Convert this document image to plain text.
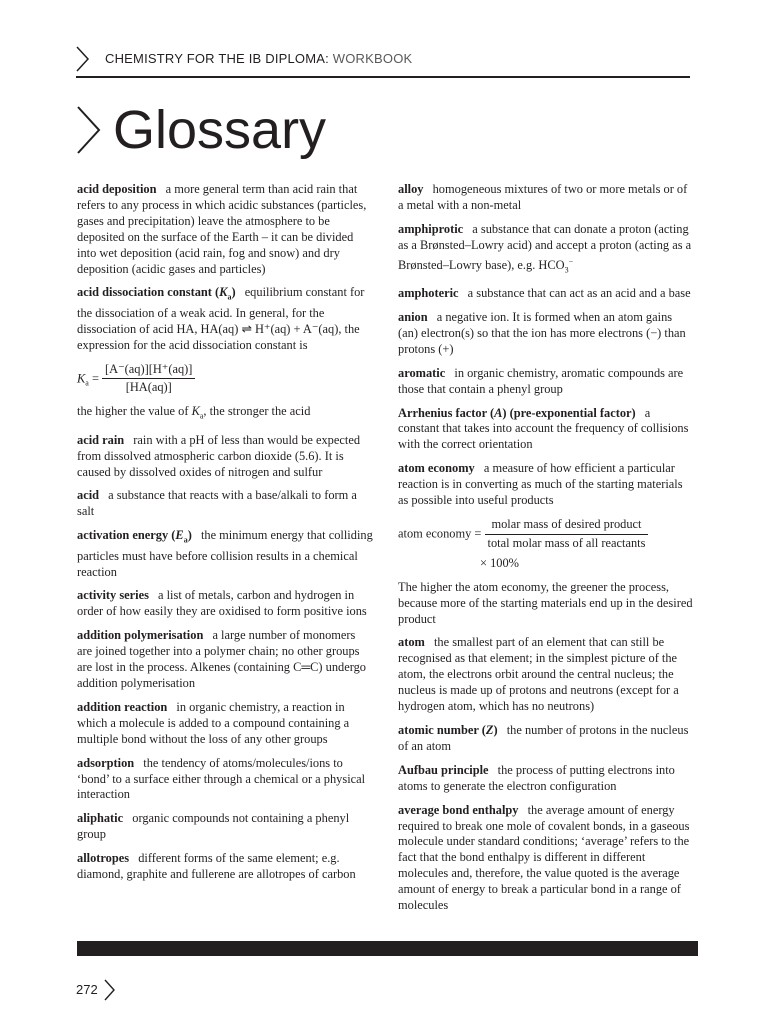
CHEMISTRY FOR THE IB DIPLOMA: WORKBOOK
Glossary
acid deposition a more general term than acid rain that refers to any process in which acidic substances (particles, gases and precipitation) leave the atmosphere to be deposited on the surface of the Earth – it can be divided into wet deposition (acid rain, fog and snow) and dry deposition (acidic gases and particles)
acid dissociation constant $(K_a)$ equilibrium constant for the dissociation of a weak acid. In general, for the dissociation of acid HA, HA(aq) ⇌ H⁺(aq) + A⁻(aq), the expression for the acid dissociation constant is
$K_a = \frac{[A^-(aq)][H^+(aq)]}{[HA(aq)]}$
the higher the value of $K_a$, the stronger the acid
acid rain rain with a pH of less than would be expected from dissolved atmospheric carbon dioxide (5.6). It is caused by dissolved oxides of nitrogen and sulfur
acid a substance that reacts with a base/alkali to form a salt
activation energy $(E_a)$ the minimum energy that colliding particles must have before collision results in a chemical reaction
activity series a list of metals, carbon and hydrogen in order of how easily they are oxidised to form positive ions
addition polymerisation a large number of monomers are joined together into a polymer chain; no other groups are lost in the process. Alkenes (containing C═C) undergo addition polymerisation
addition reaction in organic chemistry, a reaction in which a molecule is added to a compound containing a multiple bond without the loss of any other groups
adsorption the tendency of atoms/molecules/ions to ‘bond’ to a surface either through a chemical or a physical interaction
aliphatic organic compounds not containing a phenyl group
allotropes different forms of the same element; e.g. diamond, graphite and fullerene are allotropes of carbon
alloy homogeneous mixtures of two or more metals or of a metal with a non-metal
amphiprotic a substance that can donate a proton (acting as a Brønsted–Lowry acid) and accept a proton (acting as a Brønsted–Lowry base), e.g. $HCO_3^-$
amphoteric a substance that can act as an acid and a base
anion a negative ion. It is formed when an atom gains (an) electron(s) so that the ion has more electrons (−) than protons (+)
aromatic in organic chemistry, aromatic compounds are those that contain a phenyl group
Arrhenius factor (A) (pre-exponential factor) a constant that takes into account the frequency of collisions with the correct orientation
atom economy a measure of how efficient a particular reaction is in converting as much of the starting materials as possible into useful products
atom economy = $\frac{\text{molar mass of desired product}}{\text{total molar mass of all reactants}}$
× 100%
The higher the atom economy, the greener the process, because more of the starting materials end up in the desired product
atom the smallest part of an element that can still be recognised as that element; in the simplest picture of the atom, the electrons orbit around the central nucleus; the nucleus is made up of protons and neutrons (except for a hydrogen atom, which has no neutrons)
atomic number (Z) the number of protons in the nucleus of an atom
Aufbau principle the process of putting electrons into atoms to generate the electron configuration
average bond enthalpy the average amount of energy required to break one mole of covalent bonds, in a gaseous molecule under standard conditions; ‘average’ refers to the fact that the bond enthalpy is different in different molecules and, therefore, the value quoted is the average amount of energy to break a particular bond in a range of molecules
272
